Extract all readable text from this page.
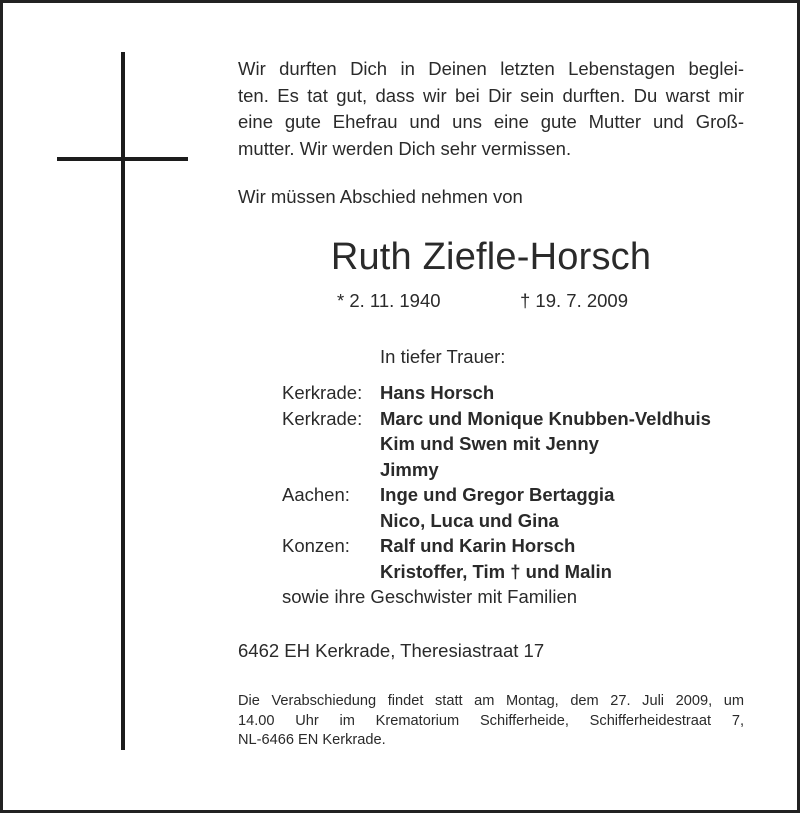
Wir durften Dich in Deinen letzten Lebenstagen beglei-
ten. Es tat gut, dass wir bei Dir sein durften. Du warst mir
eine gute Ehefrau und uns eine gute Mutter und Groß-
mutter. Wir werden Dich sehr vermissen.
Wir müssen Abschied nehmen von
Ruth Ziefle-Horsch
* 2. 11. 1940	† 19. 7. 2009
In tiefer Trauer:
Kerkrade: Hans Horsch
Kerkrade: Marc und Monique Knubben-Veldhuis
Kim und Swen mit Jenny
Jimmy
Aachen: Inge und Gregor Bertaggia
Nico, Luca und Gina
Konzen: Ralf und Karin Horsch
Kristoffer, Tim † und Malin
sowie ihre Geschwister mit Familien
6462 EH Kerkrade, Theresiastraat 17
Die Verabschiedung findet statt am Montag, dem 27. Juli 2009, um
14.00 Uhr im Krematorium Schifferheide, Schifferheidestraat 7,
NL-6466 EN Kerkrade.
